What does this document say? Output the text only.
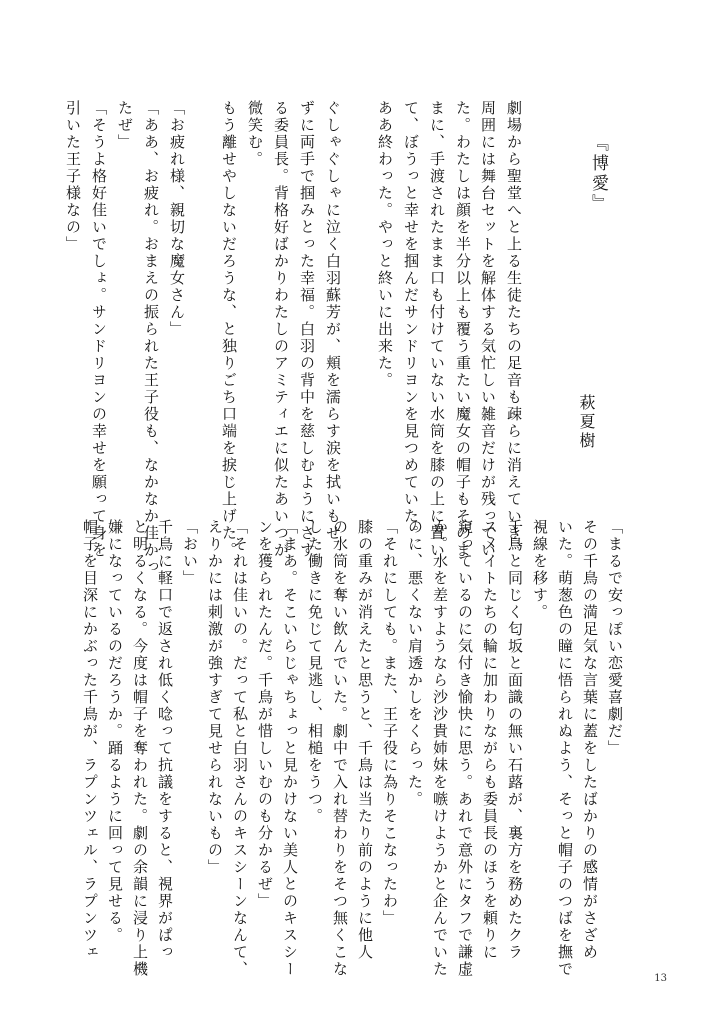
『博愛』
萩夏樹
劇場から聖堂へと上る生徒たちの足音も疎らに消えていき、
周囲には舞台セットを解体する気忙しい雑音だけが残ってい
た。わたしは顔を半分以上も覆う重たい魔女の帽子もそのま
まに、手渡されたまま口も付けていない水筒を膝の上に置い
て、ぼうっと幸せを掴んだサンドリヨンを見つめていた。
ああ終わった。やっと終いに出来た。
ぐしゃぐしゃに泣く白羽蘇芳が、頬を濡らす涙を拭いもせ
ずに両手で掴みとった幸福。白羽の背中を慈しむようにさす
る委員長。背格好ばかりわたしのアミティエに似たあいつが
微笑む。
もう離せやしないだろうな、と独りごち口端を捩じ上げた。
「お疲れ様、親切な魔女さん」
「ああ、お疲れ。おまえの振られた王子役も、なかなか佳かっ
たぜ」
「そうよ格好佳いでしょ。サンドリヨンの幸せを願って身を
引いた王子様なの」
「まるで安っぽい恋愛喜劇だ」
その千鳥の満足気な言葉に蓋をしたばかりの感情がさざめ
いた。萌葱色の瞳に悟られぬよう、そっと帽子のつばを撫で
視線を移す。
千鳥と同じく匂坂と面識の無い石蕗が、裏方を務めたクラ
スメイトたちの輪に加わりながらも委員長のほうを頼りに
窺っているのに気付き愉快に思う。あれで意外にタフで謙虚
か。水を差すようなら沙沙貴姉妹を嗾けようかと企んでいた
のに、悪くない肩透かしをくらった。
「それにしても。また、王子役に為りそこなったわ」
膝の重みが消えたと思うと、千鳥は当たり前のように他人
の水筒を奪い飲んでいた。劇中で入れ替わりをそつ無くこな
した働きに免じて見逃し、相槌をうつ。
「まあ。そこいらじゃちょっと見かけない美人とのキスシー
ンを獲られたんだ。千鳥が惜しいむのも分かるぜ」
「それは佳いの。だって私と白羽さんのキスシーンなんて、
えりかには刺激が強すぎて見せられないもの」
「おい」
千鳥に軽口で返され低く唸って抗議をすると、視界がぱっ
と明るくなる。今度は帽子を奪われた。劇の余韻に浸り上機
嫌になっているのだろうか。踊るように回って見せる。
帽子を目深にかぶった千鳥が、ラプンツェル、ラプンツェ
13
